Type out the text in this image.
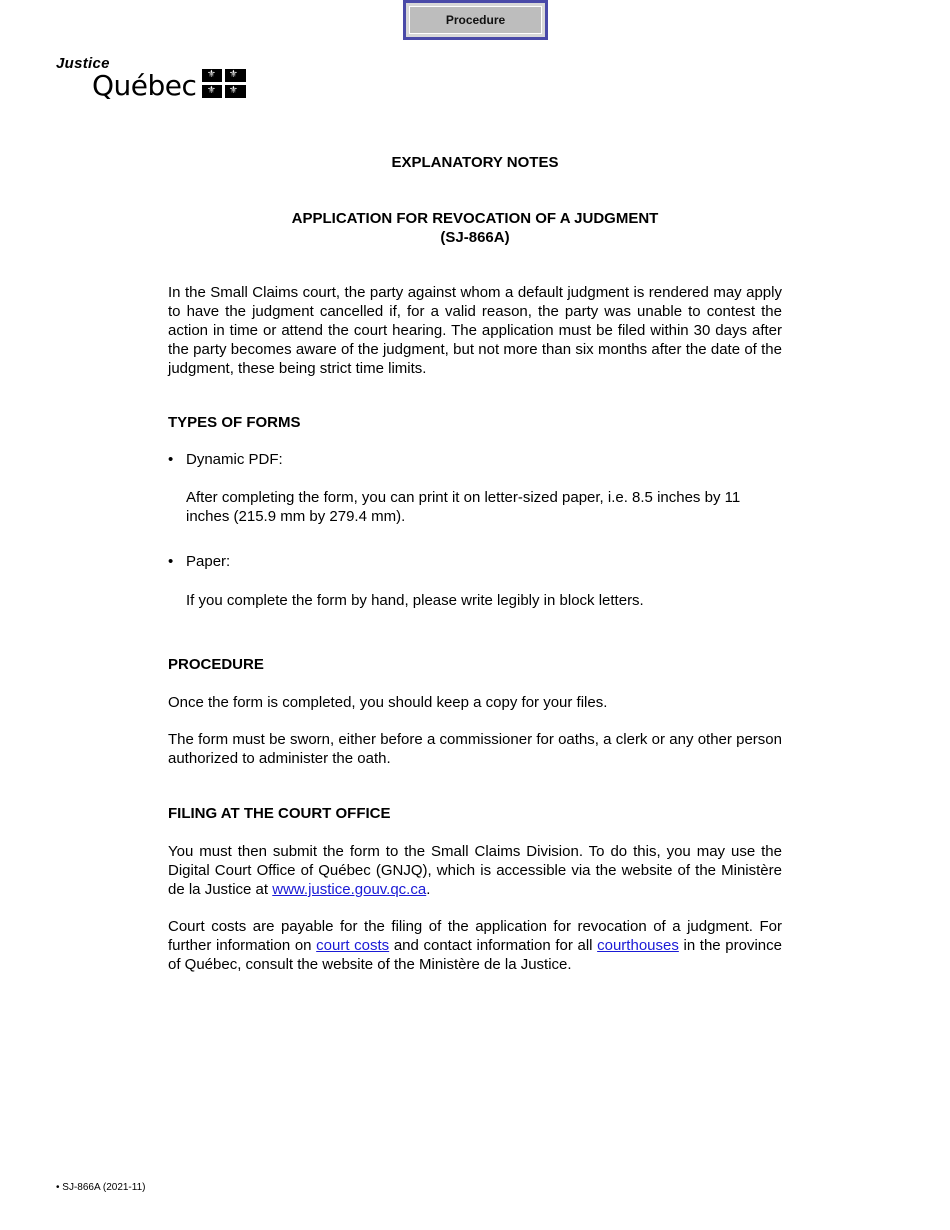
Procedure
Justice
Québec ⚜ ⚜
⚜ ⚜
EXPLANATORY NOTES
APPLICATION FOR REVOCATION OF A JUDGMENT
(SJ-866A)
In the Small Claims court, the party against whom a default judgment is rendered may apply to have the judgment cancelled if, for a valid reason, the party was unable to contest the action in time or attend the court hearing. The application must be filed within 30 days after the party becomes aware of the judgment, but not more than six months after the date of the judgment, these being strict time limits.
TYPES OF FORMS
• Dynamic PDF:
After completing the form, you can print it on letter-sized paper, i.e. 8.5 inches by 11 inches (215.9 mm by 279.4 mm).
• Paper:
If you complete the form by hand, please write legibly in block letters.
PROCEDURE
Once the form is completed, you should keep a copy for your files.
The form must be sworn, either before a commissioner for oaths, a clerk or any other person authorized to administer the oath.
FILING AT THE COURT OFFICE
You must then submit the form to the Small Claims Division. To do this, you may use the Digital Court Office of Québec (GNJQ), which is accessible via the website of the Ministère de la Justice at www.justice.gouv.qc.ca.
Court costs are payable for the filing of the application for revocation of a judgment. For further information on court costs and contact information for all courthouses in the province of Québec, consult the website of the Ministère de la Justice.
• SJ-866A (2021-11)
